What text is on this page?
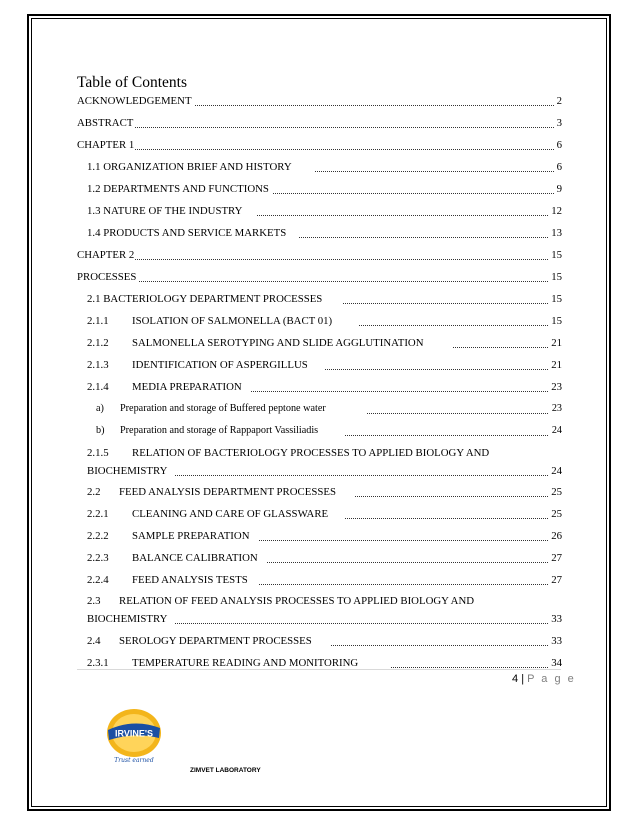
Table of Contents
ACKNOWLEDGEMENT	2
ABSTRACT	3
CHAPTER 1	6
1.1 ORGANIZATION BRIEF AND HISTORY	6
1.2 DEPARTMENTS AND FUNCTIONS	9
1.3 NATURE OF THE INDUSTRY	12
1.4 PRODUCTS AND SERVICE MARKETS	13
CHAPTER 2	15
PROCESSES	15
2.1 BACTERIOLOGY DEPARTMENT PROCESSES	15
2.1.1 ISOLATION OF SALMONELLA (BACT 01)	15
2.1.2 SALMONELLA SEROTYPING AND SLIDE AGGLUTINATION	21
2.1.3 IDENTIFICATION OF ASPERGILLUS	21
2.1.4 MEDIA PREPARATION	23
a) Preparation and storage of Buffered peptone water	23
b) Preparation and storage of Rappaport Vassiliadis	24
2.1.5 RELATION OF BACTERIOLOGY PROCESSES TO APPLIED BIOLOGY AND
BIOCHEMISTRY	24
2.2 FEED ANALYSIS DEPARTMENT PROCESSES	25
2.2.1 CLEANING AND CARE OF GLASSWARE	25
2.2.2 SAMPLE PREPARATION	26
2.2.3 BALANCE CALIBRATION	27
2.2.4 FEED ANALYSIS TESTS	27
2.3 RELATION OF FEED ANALYSIS PROCESSES TO APPLIED BIOLOGY AND
BIOCHEMISTRY	33
2.4 SEROLOGY DEPARTMENT PROCESSES	33
2.3.1 TEMPERATURE READING AND MONITORING	34
4 | P a g e
IRVINE'S
Trust earned
ZIMVET LABORATORY
